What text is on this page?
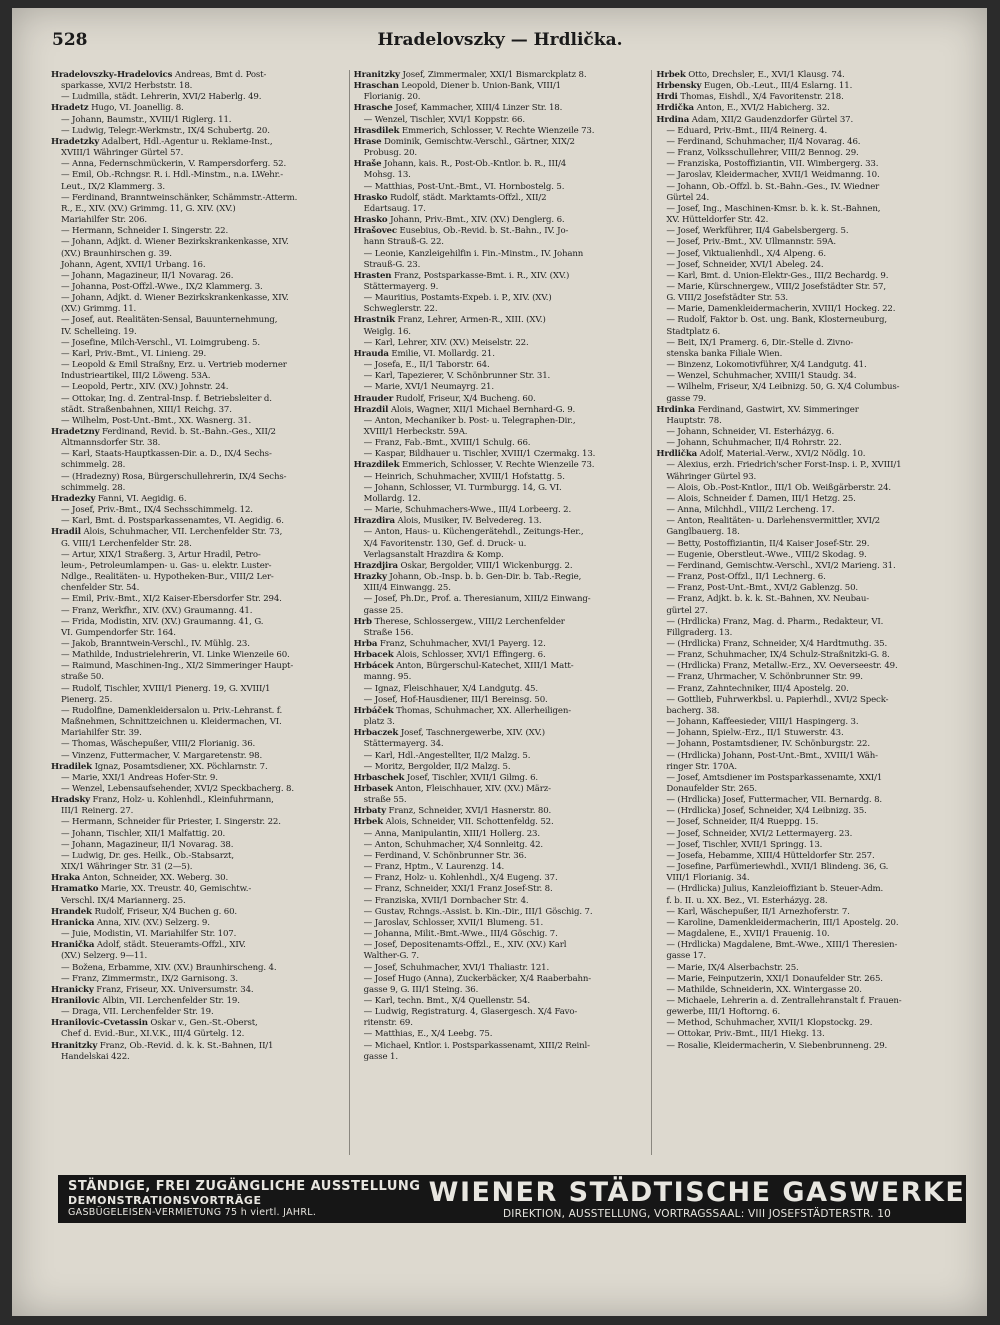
528	Hradelovszky — Hrdlička.
Hradelovszky-Hradelovics Andreas, Bmt d. Post-
sparkasse, XVI/2 Herbststr. 18.
— Ludmilla, städt. Lehrerin, XVI/2 Haberlg. 49.
Hradetz Hugo, VI. Joanellig. 8.
— Johann, Baumstr., XVIII/1 Riglerg. 11.
— Ludwig, Telegr.-Werkmstr., IX/4 Schubertg. 20.
Hradetzky Adalbert, Hdl.-Agentur u. Reklame-Inst.,
XVIII/1 Währinger Gürtel 57.
— Anna, Federnschmückerin, V. Rampersdorferg. 52.
— Emil, Ob.-Rchngsr. R. i. Hdl.-Minstm., n.a. LWehr.-
Leut., IX/2 Klammerg. 3.
— Ferdinand, Branntweinschänker, Schämmstr.-Atterm.
R., E., XIV. (XV.) Grimmg. 11, G. XIV. (XV.)
Mariahilfer Str. 206.
— Hermann, Schneider I. Singerstr. 22.
— Johann, Adjkt. d. Wiener Bezirkskrankenkasse, XIV.
(XV.) Braunhirschen g. 39.
Johann, Agent, XVII/1 Urbang. 16.
— Johann, Magazineur, II/1 Novarag. 26.
— Johanna, Post-Offzl.-Wwe., IX/2 Klammerg. 3.
— Johann, Adjkt. d. Wiener Bezirkskrankenkasse, XIV.
(XV.) Grimmg. 11.
— Josef, aut. Realitäten-Sensal, Bauunternehmung,
IV. Schelleing. 19.
— Josefine, Milch-Verschl., VI. Loimgrubeng. 5.
— Karl, Priv.-Bmt., VI. Linieng. 29.
— Leopold & Emil Straßny, Erz. u. Vertrieb moderner
Industrieartikel, III/2 Löweng. 53A.
— Leopold, Pertr., XIV. (XV.) Johnstr. 24.
— Ottokar, Ing. d. Zentral-Insp. f. Betriebsleiter d.
städt. Straßenbahnen, XIII/1 Reichg. 37.
— Wilhelm, Post-Unt.-Bmt., XX. Wasnerg. 31.
Hradetzny Ferdinand, Revid. b. St.-Bahn.-Ges., XII/2
Altmannsdorfer Str. 38.
— Karl, Staats-Hauptkassen-Dir. a. D., IX/4 Sechs-
schimmelg. 28.
— (Hradezny) Rosa, Bürgerschullehrerin, IX/4 Sechs-
schimmelg. 28.
Hradezky Fanni, VI. Aegidig. 6.
— Josef, Priv.-Bmt., IX/4 Sechsschimmelg. 12.
— Karl, Bmt. d. Postsparkassenamtes, VI. Aegidig. 6.
Hradil Alois, Schuhmacher, VII. Lerchenfelder Str. 73,
G. VIII/1 Lerchenfelder Str. 28.
— Artur, XIX/1 Straßerg. 3, Artur Hradil, Petro-
leum-, Petroleumlampen- u. Gas- u. elektr. Luster-
Ndlge., Realitäten- u. Hypotheken-Bur., VIII/2 Ler-
chenfelder Str. 54.
— Emil, Priv.-Bmt., XI/2 Kaiser-Ebersdorfer Str. 294.
— Franz, Werkfhr., XIV. (XV.) Graumanng. 41.
— Frida, Modistin, XIV. (XV.) Graumanng. 41, G.
VI. Gumpendorfer Str. 164.
— Jakob, Branntwein-Verschl., IV. Mühlg. 23.
— Mathilde, Industrielehrerin, VI. Linke Wienzeile 60.
— Raimund, Maschinen-Ing., XI/2 Simmeringer Haupt-
straße 50.
— Rudolf, Tischler, XVIII/1 Pienerg. 19, G. XVIII/1
Pienerg. 25.
— Rudolfine, Damenkleidersalon u. Priv.-Lehranst. f.
Maßnehmen, Schnittzeichnen u. Kleidermachen, VI.
Mariahilfer Str. 39.
— Thomas, Wäschepußer, VIII/2 Florianig. 36.
— Vinzenz, Futtermacher, V. Margaretenstr. 98.
Hradilek Ignaz, Posamtsdiener, XX. Pöchlarnstr. 7.
— Marie, XXI/1 Andreas Hofer-Str. 9.
— Wenzel, Lebensaufsehender, XVI/2 Speckbacherg. 8.
Hradsky Franz, Holz- u. Kohlenhdl., Kleinfuhrmann,
III/1 Reinerg. 27.
— Hermann, Schneider für Priester, I. Singerstr. 22.
— Johann, Tischler, XII/1 Malfattig. 20.
— Johann, Magazineur, II/1 Novarag. 38.
— Ludwig, Dr. ges. Heilk., Ob.-Stabsarzt,
XIX/1 Währinger Str. 31 (2—5).
Hraka Anton, Schneider, XX. Weberg. 30.
Hramatko Marie, XX. Treustr. 40, Gemischtw.-
Verschl. IX/4 Mariannerg. 25.
Hrandek Rudolf, Friseur, X/4 Buchen g. 60.
Hranicka Anna, XIV. (XV.) Selzerg. 9.
— Juie, Modistin, VI. Mariahilfer Str. 107.
Hranička Adolf, städt. Steueramts-Offzl., XIV.
(XV.) Selzerg. 9—11.
— Božena, Erbamme, XIV. (XV.) Braunhirscheng. 4.
— Franz, Zimmermstr., IX/2 Garnisong. 3.
Hranicky Franz, Friseur, XX. Universumstr. 34.
Hranilovic Albin, VII. Lerchenfelder Str. 19.
— Draga, VII. Lerchenfelder Str. 19.
Hranilovic-Cvetassin Oskar v., Gen.-St.-Oberst,
Chef d. Evid.-Bur., XI.V.K., III/4 Gürtelg. 12.
Hranitzky Franz, Ob.-Revid. d. k. k. St.-Bahnen, II/1
Handelskai 422.
Hranitzky Josef, Zimmermaler, XXI/1 Bismarckplatz 8.
Hraschan Leopold, Diener b. Union-Bank, VIII/1
Florianig. 20.
Hrasche Josef, Kammacher, XIII/4 Linzer Str. 18.
— Wenzel, Tischler, XVI/1 Koppstr. 66.
Hrasdilek Emmerich, Schlosser, V. Rechte Wienzeile 73.
Hrase Dominik, Gemischtw.-Verschl., Gärtner, XIX/2
Probusg. 20.
Hraše Johann, kais. R., Post-Ob.-Kntlor. b. R., III/4
Mohsg. 13.
— Matthias, Post-Unt.-Bmt., VI. Hornbostelg. 5.
Hrasko Rudolf, städt. Marktamts-Offzl., XII/2
Edartsaug. 17.
Hrasko Johann, Priv.-Bmt., XIV. (XV.) Denglerg. 6.
Hrašovec Eusebius, Ob.-Revid. b. St.-Bahn., IV. Jo-
hann Strauß-G. 22.
— Leonie, Kanzleigehilfin i. Fin.-Minstm., IV. Johann
Strauß-G. 23.
Hrasten Franz, Postsparkasse-Bmt. i. R., XIV. (XV.)
Stättermayerg. 9.
— Mauritius, Postamts-Expeb. i. P., XIV. (XV.)
Schweglerstr. 22.
Hrastnik Franz, Lehrer, Armen-R., XIII. (XV.)
Weiglg. 16.
— Karl, Lehrer, XIV. (XV.) Meiselstr. 22.
Hrauda Emilie, VI. Mollardg. 21.
— Josefa, E., II/1 Taborstr. 64.
— Karl, Tapezierer, V. Schönbrunner Str. 31.
— Marie, XVI/1 Neumayrg. 21.
Hrauder Rudolf, Friseur, X/4 Bucheng. 60.
Hrazdil Alois, Wagner, XII/1 Michael Bernhard-G. 9.
— Anton, Mechaniker b. Post- u. Telegraphen-Dir.,
XVIII/1 Herbeckstr. 59A.
— Franz, Fab.-Bmt., XVIII/1 Schulg. 66.
— Kaspar, Bildhauer u. Tischler, XVIII/1 Czermakg. 13.
Hrazdilek Emmerich, Schlosser, V. Rechte Wienzeile 73.
— Heinrich, Schuhmacher, XVIII/1 Hofstattg. 5.
— Johann, Schlosser, VI. Turmburgg. 14, G. VI.
Mollardg. 12.
— Marie, Schuhmachers-Wwe., III/4 Lorbeerg. 2.
Hrazdira Alois, Musiker, IV. Belvedereg. 13.
— Anton, Haus- u. Küchengerätehdl., Zeitungs-Her.,
X/4 Favoritenstr. 130, Gef. d. Druck- u.
Verlagsanstalt Hrazdira & Komp.
Hrazdjira Oskar, Bergolder, VIII/1 Wickenburgg. 2.
Hrazky Johann, Ob.-Insp. b. b. Gen-Dir. b. Tab.-Regie,
XIII/4 Einwangg. 25.
— Josef, Ph.Dr., Prof. a. Theresianum, XIII/2 Einwang-
gasse 25.
Hrb Therese, Schlossergew., VIII/2 Lerchenfelder
Straße 156.
Hrba Franz, Schuhmacher, XVI/1 Payerg. 12.
Hrbacek Alois, Schlosser, XVI/1 Effingerg. 6.
Hrbácek Anton, Bürgerschul-Katechet, XIII/1 Matt-
manng. 95.
— Ignaz, Fleischhauer, X/4 Landgutg. 45.
— Josef, Hof-Hausdiener, III/1 Bereinsg. 50.
Hrbáček Thomas, Schuhmacher, XX. Allerheiligen-
platz 3.
Hrbaczek Josef, Taschnergewerbe, XIV. (XV.)
Stättermayerg. 34.
— Karl, Hdl.-Angestellter, II/2 Malzg. 5.
— Moritz, Bergolder, II/2 Malzg. 5.
Hrbaschek Josef, Tischler, XVII/1 Gilmg. 6.
Hrbasek Anton, Fleischhauer, XIV. (XV.) März-
straße 55.
Hrbaty Franz, Schneider, XVI/1 Hasnerstr. 80.
Hrbek Alois, Schneider, VII. Schottenfeldg. 52.
— Anna, Manipulantin, XIII/1 Hollerg. 23.
— Anton, Schuhmacher, X/4 Sonnleitg. 42.
— Ferdinand, V. Schönbrunner Str. 36.
— Franz, Hptm., V. Laurenzg. 14.
— Franz, Holz- u. Kohlenhdl., X/4 Eugeng. 37.
— Franz, Schneider, XXI/1 Franz Josef-Str. 8.
— Franziska, XVII/1 Dornbacher Str. 4.
— Gustav, Rchngs.-Assist. b. Kin.-Dir., III/1 Göschig. 7.
— Jaroslav, Schlosser, XVII/1 Blumeng. 51.
— Johanna, Milit.-Bmt.-Wwe., III/4 Göschig. 7.
— Josef, Depositenamts-Offzl., E., XIV. (XV.) Karl
Walther-G. 7.
— Josef, Schuhmacher, XVI/1 Thaliastr. 121.
— Josef Hugo (Anna), Zuckerbäcker, X/4 Raaberbahn-
gasse 9, G. III/1 Steing. 36.
— Karl, techn. Bmt., X/4 Quellenstr. 54.
— Ludwig, Registraturg. 4, Glasergesch. X/4 Favo-
ritenstr. 69.
— Matthias, E., X/4 Leebg. 75.
— Michael, Kntlor. i. Postsparkassenamt, XIII/2 Reinl-
gasse 1.
Hrbek Otto, Drechsler, E., XVI/1 Klausg. 74.
Hrbensky Eugen, Ob.-Leut., III/4 Eslarng. 11.
Hrdi Thomas, Eishdl., X/4 Favoritenstr. 218.
Hrdička Anton, E., XVI/2 Habicherg. 32.
Hrdina Adam, XII/2 Gaudenzdorfer Gürtel 37.
— Eduard, Priv.-Bmt., III/4 Reinerg. 4.
— Ferdinand, Schuhmacher, II/4 Novarag. 46.
— Franz, Volksschullehrer, VIII/2 Bennog. 29.
— Franziska, Postoffiziantin, VII. Wimbergerg. 33.
— Jaroslav, Kleidermacher, XVII/1 Weidmanng. 10.
— Johann, Ob.-Offzl. b. St.-Bahn.-Ges., IV. Wiedner
Gürtel 24.
— Josef, Ing., Maschinen-Kmsr. b. k. k. St.-Bahnen,
XV. Hütteldorfer Str. 42.
— Josef, Werkführer, II/4 Gabelsbergerg. 5.
— Josef, Priv.-Bmt., XV. Ullmannstr. 59A.
— Josef, Viktualienhdl., X/4 Alpeng. 6.
— Josef, Schneider, XVI/1 Abeleg. 24.
— Karl, Bmt. d. Union-Elektr-Ges., III/2 Bechardg. 9.
— Marie, Kürschnergew., VIII/2 Josefstädter Str. 57,
G. VIII/2 Josefstädter Str. 53.
— Marie, Damenkleidermacherin, XVIII/1 Hockeg. 22.
— Rudolf, Faktor b. Öst. ung. Bank, Klosterneuburg,
Stadtplatz 6.
— Beit, IX/1 Pramerg. 6, Dir.-Stelle d. Živno-
stenska banka Filiale Wien.
— Binzenz, Lokomotivführer, X/4 Landgutg. 41.
— Wenzel, Schuhmacher, XVIII/1 Staudg. 34.
— Wilhelm, Friseur, X/4 Leibnizg. 50, G. X/4 Columbus-
gasse 79.
Hrdinka Ferdinand, Gastwirt, XV. Simmeringer
Hauptstr. 78.
— Johann, Schneider, VI. Esterházyg. 6.
— Johann, Schuhmacher, II/4 Rohrstr. 22.
Hrdlička Adolf, Material.-Verw., XVI/2 Nödlg. 10.
— Alexius, erzh. Friedrich'scher Forst-Insp. i. P., XVIII/1
Währinger Gürtel 93.
— Alois, Ob.-Post-Kntlor., III/1 Ob. Weißgärberstr. 24.
— Alois, Schneider f. Damen, III/1 Hetzg. 25.
— Anna, Milchhdl., VIII/2 Lercheng. 17.
— Anton, Realitäten- u. Darlehensvermittler, XVI/2
Ganglbauerg. 18.
— Betty, Postoffiziantin, II/4 Kaiser Josef-Str. 29.
— Eugenie, Oberstleut.-Wwe., VIII/2 Skodag. 9.
— Ferdinand, Gemischtw.-Verschl., XVI/2 Marieng. 31.
— Franz, Post-Offzl., II/1 Lechnerg. 6.
— Franz, Post-Unt.-Bmt., XVI/2 Gablenzg. 50.
— Franz, Adjkt. b. k. k. St.-Bahnen, XV. Neubau-
gürtel 27.
— (Hrdlicka) Franz, Mag. d. Pharm., Redakteur, VI.
Fillgraderg. 13.
— (Hrdlicka) Franz, Schneider, X/4 Hardtmuthg. 35.
— Franz, Schuhmacher, IX/4 Schulz-Straßnitzki-G. 8.
— (Hrdlicka) Franz, Metallw.-Erz., XV. Oeverseestr. 49.
— Franz, Uhrmacher, V. Schönbrunner Str. 99.
— Franz, Zahntechniker, III/4 Apostelg. 20.
— Gottlieb, Fuhrwerkbsl. u. Papierhdl., XVI/2 Speck-
bacherg. 38.
— Johann, Kaffeesieder, VIII/1 Haspingerg. 3.
— Johann, Spielw.-Erz., II/1 Stuwerstr. 43.
— Johann, Postamtsdiener, IV. Schönburgstr. 22.
— (Hrdlicka) Johann, Post-Unt.-Bmt., XVIII/1 Wäh-
ringer Str. 170A.
— Josef, Amtsdiener im Postsparkassenamte, XXI/1
Donaufelder Str. 265.
— (Hrdlicka) Josef, Futtermacher, VII. Bernardg. 8.
— (Hrdlicka) Josef, Schneider, X/4 Leibnizg. 35.
— Josef, Schneider, II/4 Rueppg. 15.
— Josef, Schneider, XVI/2 Lettermayerg. 23.
— Josef, Tischler, XVII/1 Springg. 13.
— Josefa, Hebamme, XIII/4 Hütteldorfer Str. 257.
— Josefine, Parfümeriewhdl., XVII/1 Blindeng. 36, G.
VIII/1 Florianig. 34.
— (Hrdlicka) Julius, Kanzleioffiziant b. Steuer-Adm.
f. b. II. u. XX. Bez., VI. Esterházyg. 28.
— Karl, Wäschepußer, II/1 Arnezhoferstr. 7.
— Karoline, Damenkleidermacherin, III/1 Apostelg. 20.
— Magdalene, E., XVII/1 Frauenig. 10.
— (Hrdlicka) Magdalene, Bmt.-Wwe., XIII/1 Theresien-
gasse 17.
— Marie, IX/4 Alserbachstr. 25.
— Marie, Feinputzerin, XXI/1 Donaufelder Str. 265.
— Mathilde, Schneiderin, XX. Wintergasse 20.
— Michaele, Lehrerin a. d. Zentrallehranstalt f. Frauen-
gewerbe, III/1 Hoftorng. 6.
— Method, Schuhmacher, XVII/1 Klopstockg. 29.
— Ottokar, Priv.-Bmt., III/1 Hiekg. 13.
— Rosalie, Kleidermacherin, V. Siebenbrunneng. 29.
STÄNDIGE, FREI ZUGÄNGLICHE AUSSTELLUNG
DEMONSTRATIONSVORTRÄGE
GASBÜGELEISEN-VERMIETUNG 75 h viertl. JAHRL.
WIENER STÄDTISCHE GASWERKE
DIREKTION, AUSSTELLUNG, VORTRAGSSAAL: VIII JOSEFSTÄDTERSTR. 10
